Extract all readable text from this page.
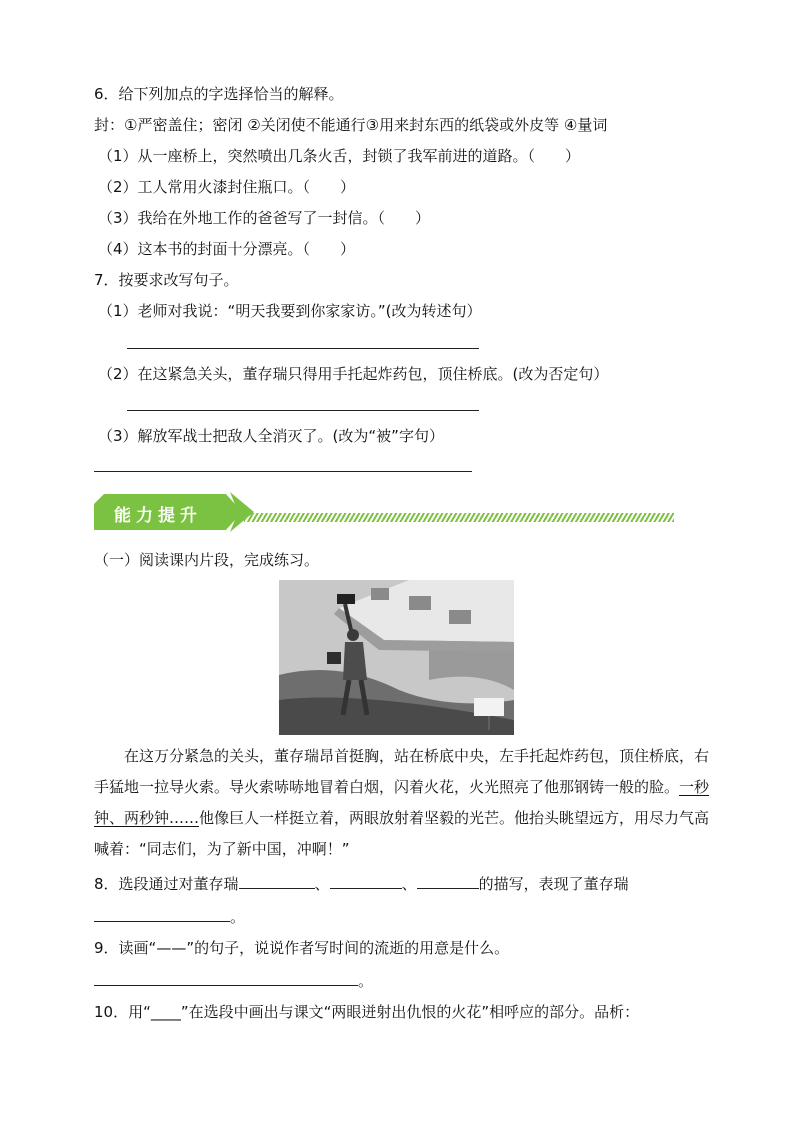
6．给下列加点的字选择恰当的解释。
封：①严密盖住；密闭 ②关闭使不能通行③用来封东西的纸袋或外皮等 ④量词
（1）从一座桥上，突然喷出几条火舌，封锁了我军前进的道路。（　　）
（2）工人常用火漆封住瓶口。（　　）
（3）我给在外地工作的爸爸写了一封信。（　　）
（4）这本书的封面十分漂亮。（　　）
7．按要求改写句子。
（1）老师对我说：“明天我要到你家家访。”(改为转述句）
（2）在这紧急关头，董存瑞只得用手托起炸药包，顶住桥底。(改为否定句）
（3）解放军战士把敌人全消灭了。(改为“被”字句）
能力提升
（一）阅读课内片段，完成练习。
在这万分紧急的关头，董存瑞昂首挺胸，站在桥底中央，左手托起炸药包，顶住桥底，右手猛地一拉导火索。导火索哧哧地冒着白烟，闪着火花，火光照亮了他那钢铸一般的脸。一秒钟、两秒钟……他像巨人一样挺立着，两眼放射着坚毅的光芒。他抬头眺望远方，用尽力气高喊着：“同志们，为了新中国，冲啊！”
8．选段通过对董存瑞	、	、	的描写，表现了董存瑞
。
9．读画“——”的句子，说说作者写时间的流逝的用意是什么。
。
10．用“____”在选段中画出与课文“两眼迸射出仇恨的火花”相呼应的部分。品析：
